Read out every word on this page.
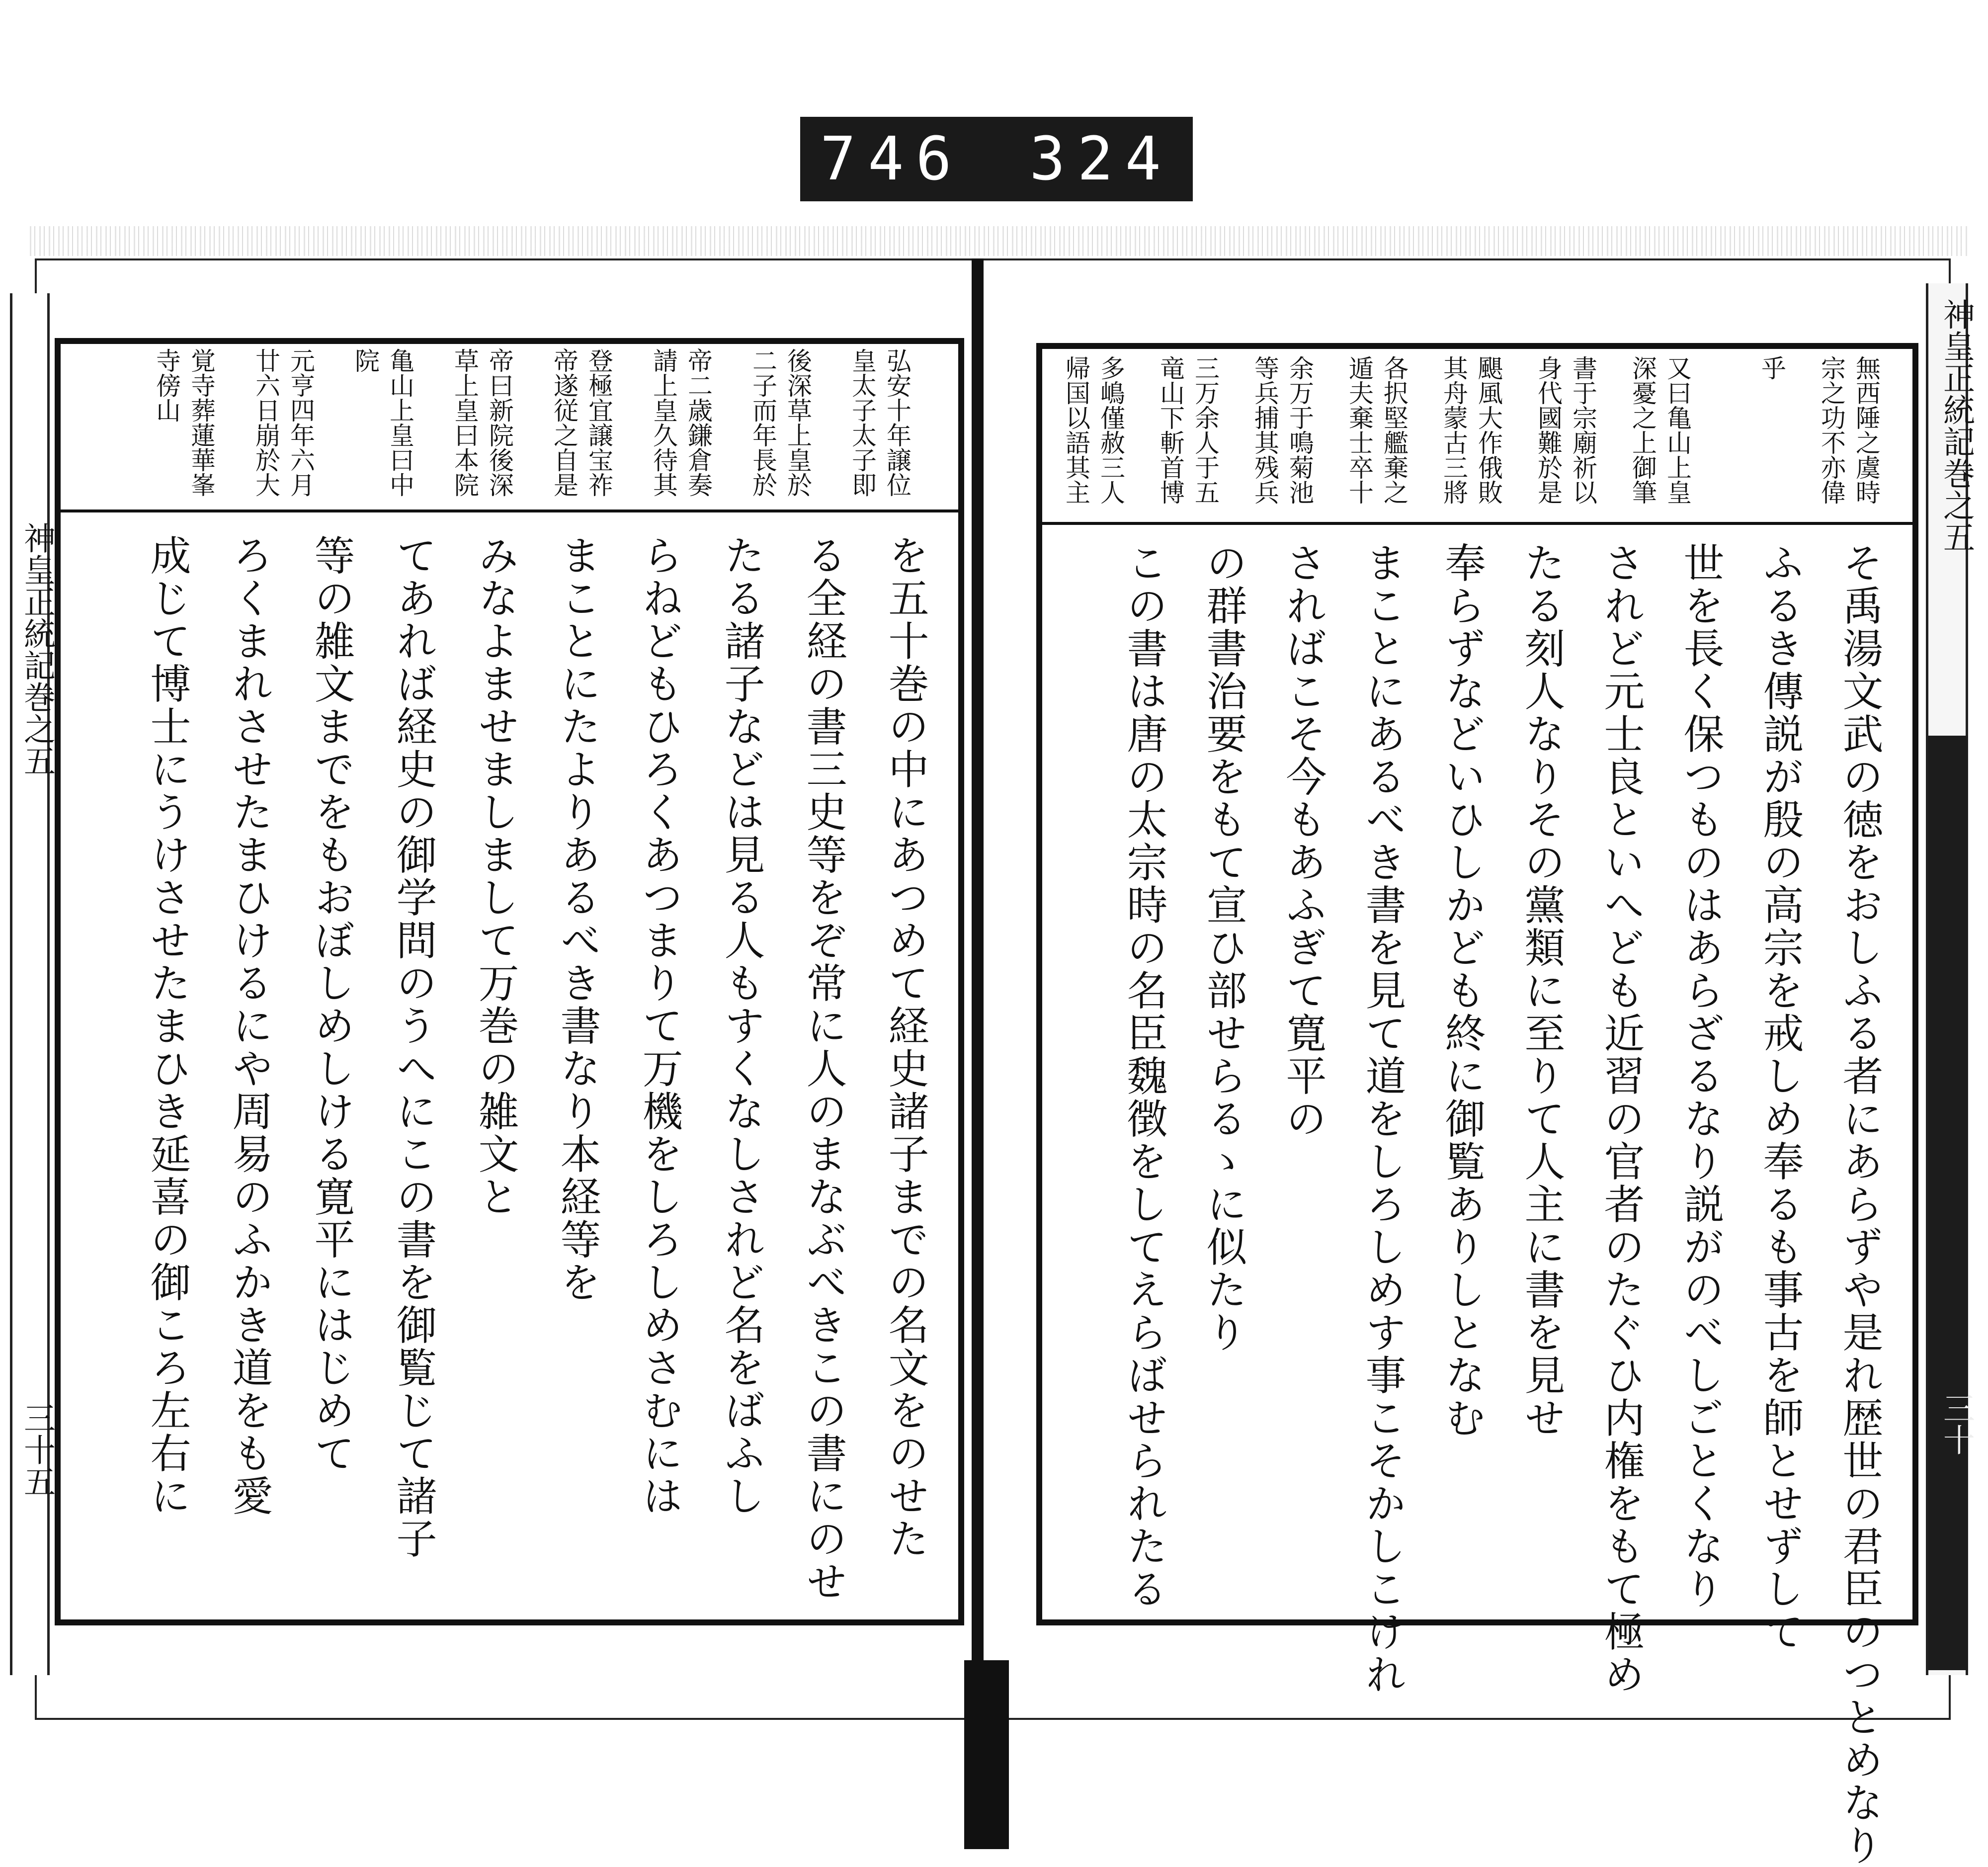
746 324
神皇正統記巻之五
三十五
神皇正統記巻之五
三十
無西陲之虞時
宗之功不亦偉
乎
又曰亀山上皇
深憂之上御筆
書于宗廟祈以
身代國難於是
颶風大作俄敗
其舟蒙古三將
各択堅艦棄之
遁夫棄士卒十
余万于鳴菊池
等兵捕其残兵
三万余人于五
竜山下斬首博
多嶋僅赦三人
帰国以語其主
弘安十年譲位
皇太子太子即
後深草上皇於
二子而年長於
帝二歳鎌倉奏
請上皇久待其
登極宜譲宝祚
帝遂従之自是
帝曰新院後深
草上皇曰本院
亀山上皇曰中
院
元亨四年六月
廿六日崩於大
覚寺葬蓮華峯
寺傍山
そ禹湯文武の徳をおしふる者にあらずや是れ歴世の君臣のつとめなり
ふるき傳説が殷の高宗を戒しめ奉るも事古を師とせずして
世を長く保つものはあらざるなり説がのべしごとくなり
されど元士良といへども近習の官者のたぐひ内権をもて極め
たる刻人なりその黨類に至りて人主に書を見せ
奉らずなどいひしかども終に御覧ありしとなむ
まことにあるべき書を見て道をしろしめす事こそかしこけれ
さればこそ今もあふぎて寛平の
の群書治要をもて宣ひ部せらるゝに似たり
この書は唐の太宗時の名臣魏徴をしてえらばせられたる
を五十巻の中にあつめて経史諸子までの名文をのせた
る全経の書三史等をぞ常に人のまなぶべきこの書にのせ
たる諸子などは見る人もすくなしされど名をばふし
らねどもひろくあつまりて万機をしろしめさむには
まことにたよりあるべき書なり本経等を
みなよませましまして万巻の雑文と
てあれば経史の御学問のうへにこの書を御覧じて諸子
等の雑文までをもおぼしめしける寛平にはじめて
ろくまれさせたまひけるにや周易のふかき道をも愛
成じて博士にうけさせたまひき延喜の御ころ左右に
